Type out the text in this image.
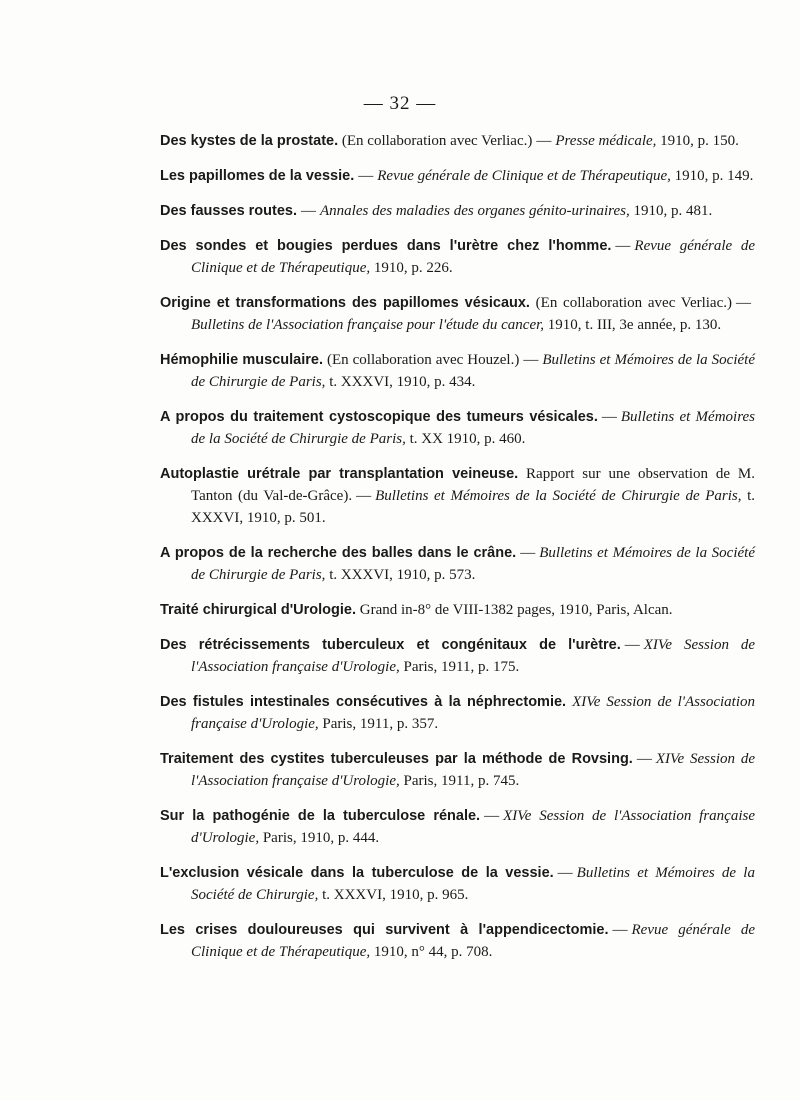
— 32 —

Des kystes de la prostate. (En collaboration avec Verliac.) — Presse médicale, 1910, p. 150.

Les papillomes de la vessie. — Revue générale de Clinique et de Thérapeutique, 1910, p. 149.

Des fausses routes. — Annales des maladies des organes génito-urinaires, 1910, p. 481.

Des sondes et bougies perdues dans l'urètre chez l'homme. — Revue générale de Clinique et de Thérapeutique, 1910, p. 226.

Origine et transformations des papillomes vésicaux. (En collaboration avec Verliac.) —Bulletins de l'Association française pour l'étude du cancer, 1910, t. III, 3e année, p. 130.

Hémophilie musculaire. (En collaboration avec Houzel.) — Bulletins et Mémoires de la Société de Chirurgie de Paris, t. XXXVI, 1910, p. 434.

A propos du traitement cystoscopique des tumeurs vésicales. — Bulletins et Mémoires de la Société de Chirurgie de Paris, t. XX 1910, p. 460.

Autoplastie urétrale par transplantation veineuse. Rapport sur une observation de M. Tanton (du Val-de-Grâce). — Bulletins et Mémoires de la Société de Chirurgie de Paris, t. XXXVI, 1910, p. 501.

A propos de la recherche des balles dans le crâne. — Bulletins et Mémoires de la Société de Chirurgie de Paris, t. XXXVI, 1910, p. 573.

Traité chirurgical d'Urologie. Grand in-8° de VIII-1382 pages, 1910, Paris, Alcan.

Des rétrécissements tuberculeux et congénitaux de l'urètre. — XIVe Session de l'Association française d'Urologie, Paris, 1911, p. 175.

Des fistules intestinales consécutives à la néphrectomie. XIVe Session de l'Association française d'Urologie, Paris, 1911, p. 357.

Traitement des cystites tuberculeuses par la méthode de Rovsing. — XIVe Session de l'Association française d'Urologie, Paris, 1911, p. 745.

Sur la pathogénie de la tuberculose rénale. — XIVe Session de l'Association française d'Urologie, Paris, 1910, p. 444.

L'exclusion vésicale dans la tuberculose de la vessie. — Bulletins et Mémoires de la Société de Chirurgie, t. XXXVI, 1910, p. 965.

Les crises douloureuses qui survivent à l'appendicectomie. — Revue générale de Clinique et de Thérapeutique, 1910, n° 44, p. 708.
